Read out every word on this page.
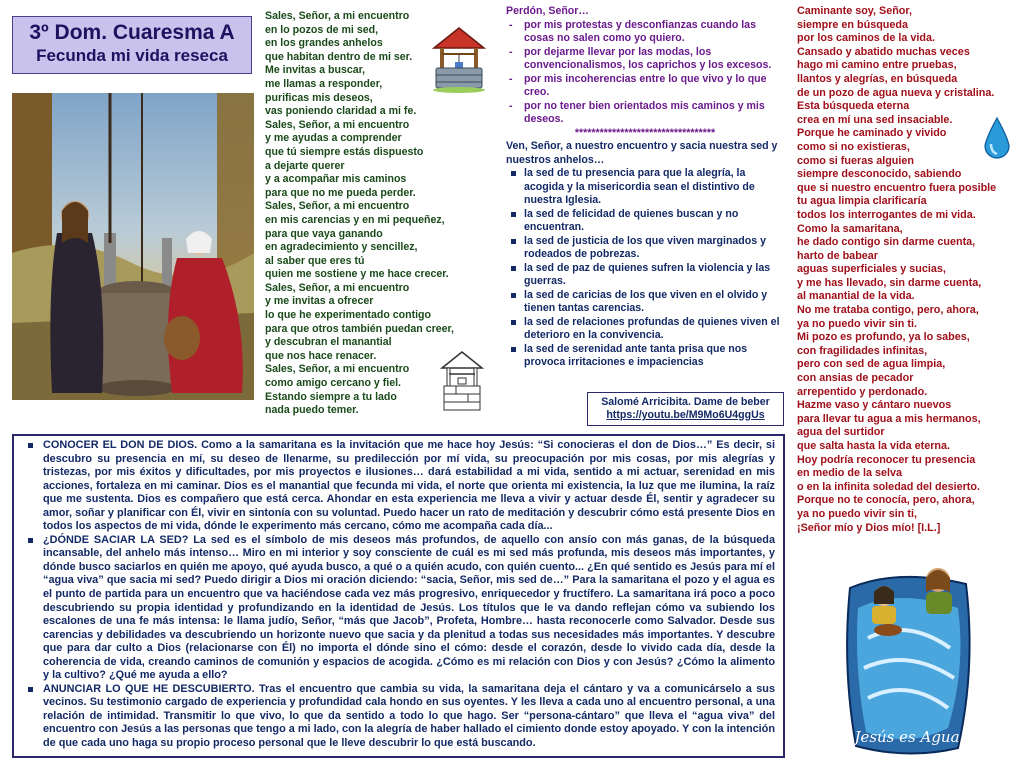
3º Dom. Cuaresma A
Fecunda mi vida reseca
Sales, Señor, a mi encuentro
en lo pozos de mi sed,
en los grandes anhelos
que habitan dentro de mi ser.
Me invitas a buscar,
me llamas a responder,
purificas mis deseos,
vas poniendo claridad a mi fe.
Sales, Señor, a mi encuentro
y me ayudas a comprender
que tú siempre estás dispuesto
a dejarte querer
y a acompañar mis caminos
para que no me pueda perder.
Sales, Señor, a mi encuentro
en mis carencias y en mi pequeñez,
para que vaya ganando
en agradecimiento y sencillez,
al saber que eres tú
quien me sostiene y me hace crecer.
Sales, Señor, a mi encuentro
y me invitas a ofrecer
lo que he experimentado contigo
para que otros también puedan creer,
y descubran el manantial
que nos hace renacer.
Sales, Señor, a mi encuentro
como amigo cercano y fiel.
Estando siempre a tu lado
nada puedo temer.
Perdón, Señor…
- por mis protestas y desconfianzas cuando las cosas no salen como yo quiero.
- por dejarme llevar por las modas, los convencionalismos, los caprichos y los excesos.
- por mis incoherencias entre lo que vivo y lo que creo.
- por no tener bien orientados mis caminos y mis deseos.
**********************************
Ven, Señor, a nuestro encuentro y sacia nuestra sed y nuestros anhelos…
la sed de tu presencia para que la alegría, la acogida y la misericordia sean el distintivo de nuestra Iglesia.
la sed de felicidad de quienes buscan y no encuentran.
la sed de justicia de los que viven marginados y rodeados de pobrezas.
la sed de paz de quienes sufren la violencia y las guerras.
la sed de caricias de los que viven en el olvido y tienen tantas carencias.
la sed de relaciones profundas de quienes viven el deterioro en la convivencia.
la sed de serenidad ante tanta prisa que nos provoca irritaciones e impaciencias
Salomé Arricibita. Dame de beber
https://youtu.be/M9Mo6U4ggUs
Caminante soy, Señor,
siempre en búsqueda
por los caminos de la vida.
Cansado y abatido muchas veces
hago mi camino entre pruebas,
llantos y alegrías, en búsqueda
de un pozo de agua nueva y cristalina.
Esta búsqueda eterna
crea en mí una sed insaciable.
Porque he caminado y vivido
como si no existieras,
como si fueras alguien
siempre desconocido, sabiendo
que si nuestro encuentro fuera posible
tu agua limpia clarificaría
todos los interrogantes de mi vida.
Como la samaritana,
he dado contigo sin darme cuenta,
harto de babear
aguas superficiales y sucias,
y me has llevado, sin darme cuenta,
al manantial de la vida.
No me trataba contigo, pero, ahora,
ya no puedo vivir sin ti.
Mi pozo es profundo, ya lo sabes,
con fragilidades infinitas,
pero con sed de agua limpia,
con ansias de pecador
arrepentido y perdonado.
Hazme vaso y cántaro nuevos
para llevar tu agua a mis hermanos,
agua del surtidor
que salta hasta la vida eterna.
Hoy podría reconocer tu presencia
en medio de la selva
o en la infinita soledad del desierto.
Porque no te conocía, pero, ahora,
ya no puedo vivir sin ti,
¡Señor mío y Dios mío! [I.L.]
Jesús es Agua
CONOCER EL DON DE DIOS. Como a la samaritana es la invitación que me hace hoy Jesús: “Si conocieras el don de Dios…” Es decir, si descubro su presencia en mí, su deseo de llenarme, su predilección por mí vida, su preocupación por mis cosas, por mis alegrías y tristezas, por mis éxitos y dificultades, por mis proyectos e ilusiones… dará estabilidad a mi vida, sentido a mi actuar, serenidad en mis acciones, fortaleza en mi caminar. Dios es el manantial que fecunda mi vida, el norte que orienta mi existencia, la luz que me ilumina, la raíz que me sustenta. Dios es compañero que está cerca. Ahondar en esta experiencia me lleva a vivir y actuar desde Él, sentir y agradecer su amor, soñar y planificar con Él, vivir en sintonía con su voluntad. Puedo hacer un rato de meditación y descubrir cómo está presente Dios en todos los aspectos de mi vida, dónde le experimento más cercano, cómo me acompaña cada día...
¿DÓNDE SACIAR LA SED? La sed es el símbolo de mis deseos más profundos, de aquello con ansío con más ganas, de la búsqueda incansable, del anhelo más intenso… Miro en mi interior y soy consciente de cuál es mi sed más profunda, mis deseos más importantes, y dónde busco saciarlos en quién me apoyo, qué ayuda busco, a qué o a quién acudo, con quién cuento... ¿En qué sentido es Jesús para mí el “agua viva” que sacia mi sed? Puedo dirigir a Dios mi oración diciendo: “sacia, Señor, mis sed de…” Para la samaritana el pozo y el agua es el punto de partida para un encuentro que va haciéndose cada vez más progresivo, enriquecedor y fructífero. La samaritana irá poco a poco descubriendo su propia identidad y profundizando en la identidad de Jesús. Los títulos que le va dando reflejan cómo va subiendo los escalones de una fe más intensa: le llama judío, Señor, “más que Jacob”, Profeta, Hombre… hasta reconocerle como Salvador. Desde sus carencias y debilidades va descubriendo un horizonte nuevo que sacia y da plenitud a todas sus necesidades más importantes. Y descubre que para dar culto a Dios (relacionarse con Él) no importa el dónde sino el cómo: desde el corazón, desde lo vivido cada día, desde la coherencia de vida, creando caminos de comunión y espacios de acogida. ¿Cómo es mi relación con Dios y con Jesús? ¿Cómo la alimento y la cultivo? ¿Qué me ayuda a ello?
ANUNCIAR LO QUE HE DESCUBIERTO. Tras el encuentro que cambia su vida, la samaritana deja el cántaro y va a comunicárselo a sus vecinos. Su testimonio cargado de experiencia y profundidad cala hondo en sus oyentes. Y les lleva a cada uno al encuentro personal, a una relación de intimidad. Transmitir lo que vivo, lo que da sentido a todo lo que hago. Ser “persona-cántaro” que lleva el “agua viva” del encuentro con Jesús a las personas que tengo a mi lado, con la alegría de haber hallado el cimiento donde estoy apoyado. Y con la intención de que cada uno haga su propio proceso personal que le lleve descubrir lo que está buscando.
